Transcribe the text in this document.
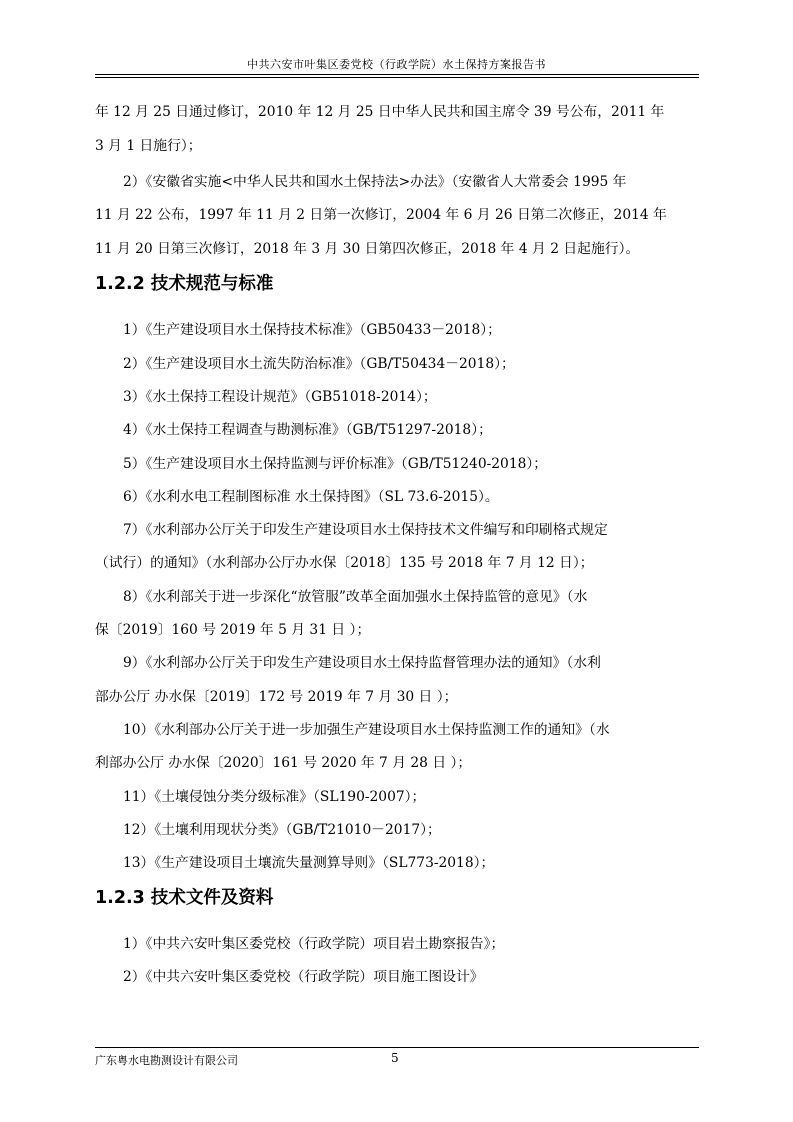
中共六安市叶集区委党校（行政学院）水土保持方案报告书
年 12 月 25 日通过修订，2010 年 12 月 25 日中华人民共和国主席令 39 号公布，2011 年
3 月 1 日施行）；
2）《安徽省实施<中华人民共和国水土保持法>办法》（安徽省人大常委会 1995 年
11 月 22 公布，1997 年 11 月 2 日第一次修订，2004 年 6 月 26 日第二次修正，2014 年
11 月 20 日第三次修订，2018 年 3 月 30 日第四次修正，2018 年 4 月 2 日起施行）。
1.2.2 技术规范与标准
1）《生产建设项目水土保持技术标准》（GB50433－2018）；
2）《生产建设项目水土流失防治标准》（GB/T50434－2018）；
3）《水土保持工程设计规范》（GB51018-2014）；
4）《水土保持工程调查与勘测标准》（GB/T51297-2018）；
5）《生产建设项目水土保持监测与评价标准》（GB/T51240-2018）；
6）《水利水电工程制图标准 水土保持图》（SL 73.6-2015）。
7）《水利部办公厅关于印发生产建设项目水土保持技术文件编写和印刷格式规定
（试行）的通知》（水利部办公厅办水保〔2018〕135 号 2018 年 7 月 12 日）；
8）《水利部关于进一步深化“放管服”改革全面加强水土保持监管的意见》（水
保〔2019〕160 号 2019 年 5 月 31 日 ）；
9）《水利部办公厅关于印发生产建设项目水土保持监督管理办法的通知》（水利
部办公厅 办水保〔2019〕172 号 2019 年 7 月 30 日 ）；
10）《水利部办公厅关于进一步加强生产建设项目水土保持监测工作的通知》（水
利部办公厅 办水保〔2020〕161 号 2020 年 7 月 28 日 ）；
11）《土壤侵蚀分类分级标准》（SL190-2007）；
12）《土壤利用现状分类》（GB/T21010－2017）；
13）《生产建设项目土壤流失量测算导则》（SL773-2018）；
1.2.3 技术文件及资料
1）《中共六安叶集区委党校（行政学院）项目岩土勘察报告》；
2）《中共六安叶集区委党校（行政学院）项目施工图设计》
广东粤水电勘测设计有限公司	5
